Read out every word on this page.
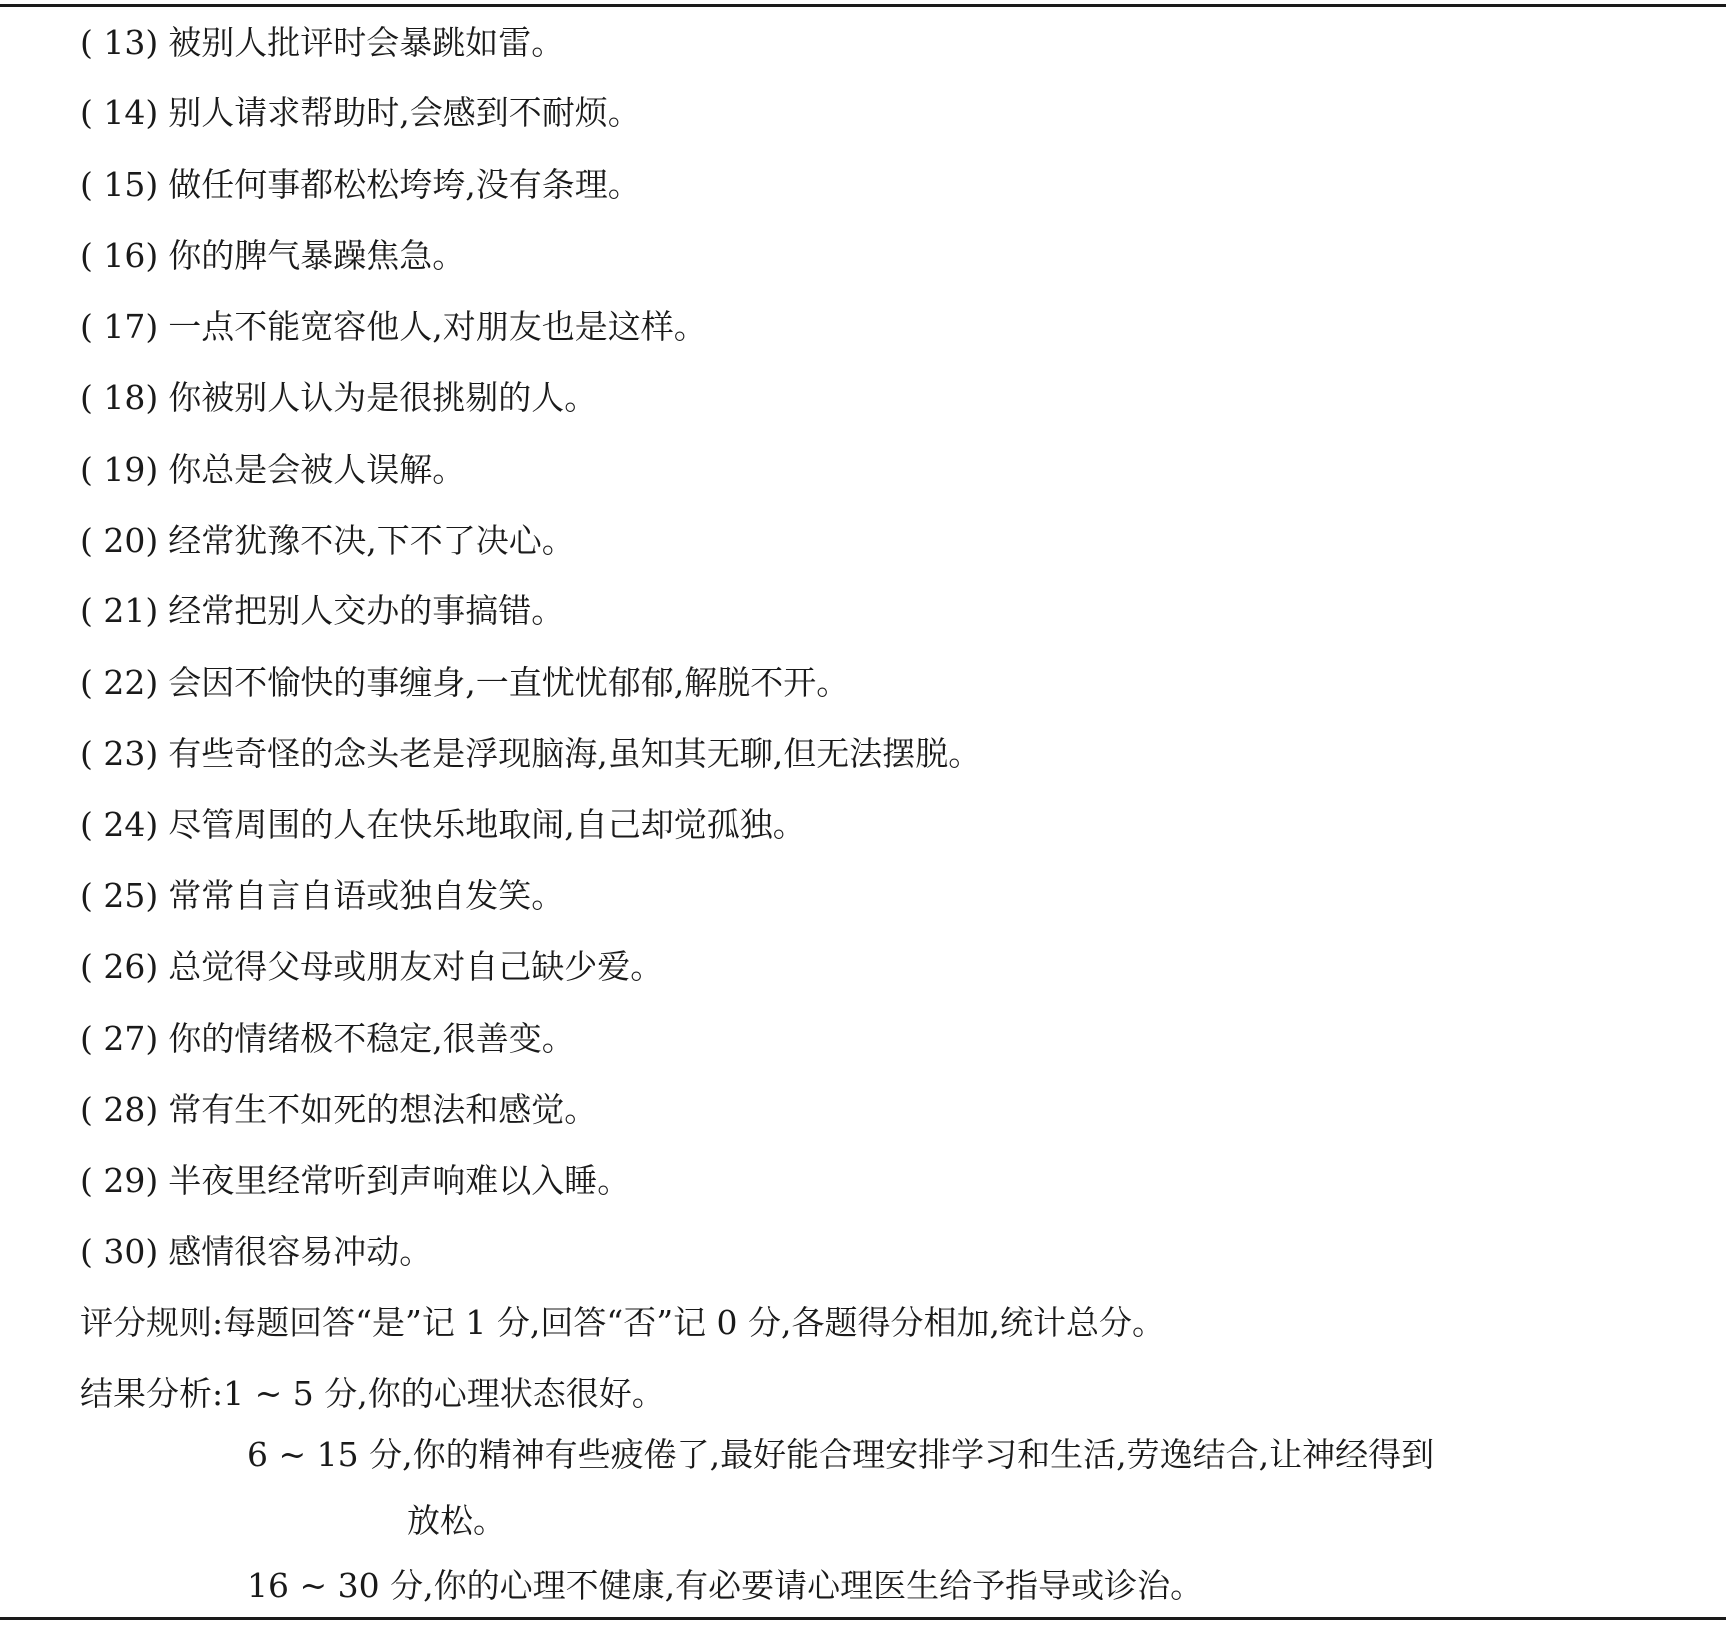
( 13) 被别人批评时会暴跳如雷。
( 14) 别人请求帮助时,会感到不耐烦。
( 15) 做任何事都松松垮垮,没有条理。
( 16) 你的脾气暴躁焦急。
( 17) 一点不能宽容他人,对朋友也是这样。
( 18) 你被别人认为是很挑剔的人。
( 19) 你总是会被人误解。
( 20) 经常犹豫不决,下不了决心。
( 21) 经常把别人交办的事搞错。
( 22) 会因不愉快的事缠身,一直忧忧郁郁,解脱不开。
( 23) 有些奇怪的念头老是浮现脑海,虽知其无聊,但无法摆脱。
( 24) 尽管周围的人在快乐地取闹,自己却觉孤独。
( 25) 常常自言自语或独自发笑。
( 26) 总觉得父母或朋友对自己缺少爱。
( 27) 你的情绪极不稳定,很善变。
( 28) 常有生不如死的想法和感觉。
( 29) 半夜里经常听到声响难以入睡。
( 30) 感情很容易冲动。
评分规则:每题回答“是”记 1 分,回答“否”记 0 分,各题得分相加,统计总分。
结果分析:1 ~ 5 分,你的心理状态很好。
6 ~ 15 分,你的精神有些疲倦了,最好能合理安排学习和生活,劳逸结合,让神经得到
放松。
16 ~ 30 分,你的心理不健康,有必要请心理医生给予指导或诊治。
